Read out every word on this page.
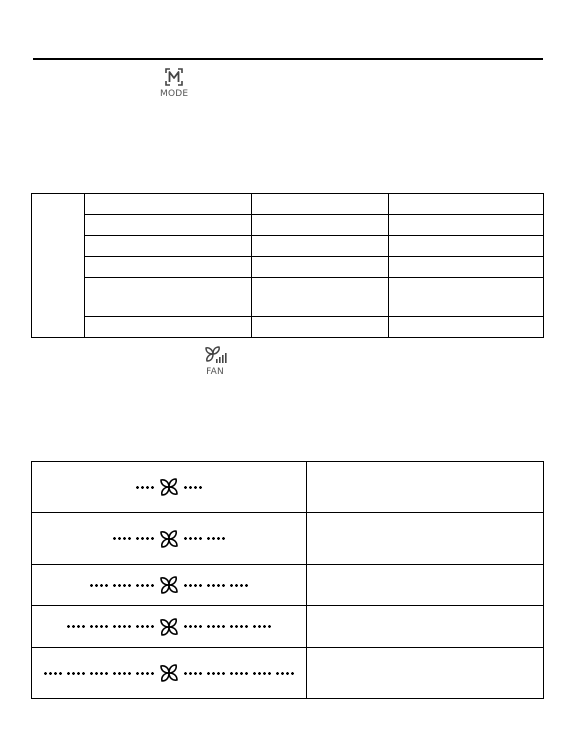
MODE

FAN
